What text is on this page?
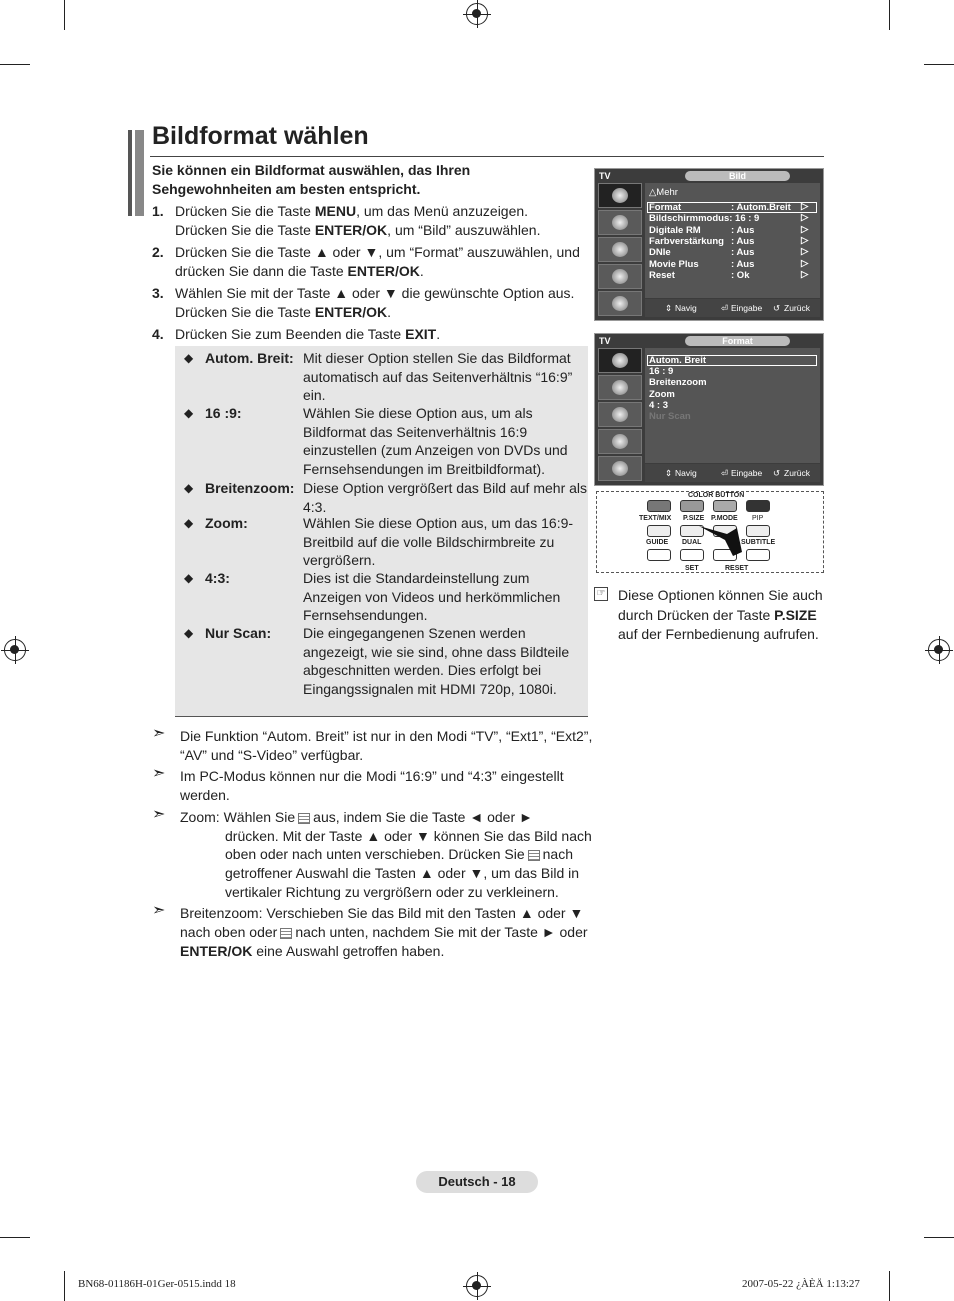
Bildformat wählen
Sie können ein Bildformat auswählen, das Ihren Sehgewohnheiten am besten entspricht.
1. Drücken Sie die Taste MENU, um das Menü anzuzeigen. Drücken Sie die Taste ENTER/OK, um “Bild” auszuwählen.
2. Drücken Sie die Taste ▲ oder ▼, um “Format” auszuwählen, und drücken Sie dann die Taste ENTER/OK.
3. Wählen Sie mit der Taste ▲ oder ▼ die gewünschte Option aus. Drücken Sie die Taste ENTER/OK.
4. Drücken Sie zum Beenden die Taste EXIT.
◆ Autom. Breit: Mit dieser Option stellen Sie das Bildformat automatisch auf das Seitenverhältnis “16:9” ein.
◆ 16 :9:	Wählen Sie diese Option aus, um als Bildformat das Seitenverhältnis 16:9 einzustellen (zum Anzeigen von DVDs und Fernsehsendungen im Breitbildformat).
◆ Breitenzoom: Diese Option vergrößert das Bild auf mehr als 4:3.
◆ Zoom:	Wählen Sie diese Option aus, um das 16:9-Breitbild auf die volle Bildschirmbreite zu vergrößern.
◆ 4:3:	Dies ist die Standardeinstellung zum Anzeigen von Videos und herkömmlichen Fernsehsendungen.
◆ Nur Scan: Die eingegangenen Szenen werden angezeigt, wie sie sind, ohne dass Bildteile abgeschnitten werden. Dies erfolgt bei Eingangssignalen mit HDMI 720p, 1080i.
➣ Die Funktion “Autom. Breit” ist nur in den Modi “TV”, “Ext1”, “Ext2”, “AV” und “S-Video” verfügbar.
➣ Im PC-Modus können nur die Modi “16:9” und “4:3” eingestellt werden.
➣ Zoom: Wählen Sie aus, indem Sie die Taste ◄ oder ►
drücken. Mit der Taste ▲ oder ▼ können Sie das Bild nach oben oder nach unten verschieben. Drücken Sie nach getroffener Auswahl die Tasten ▲ oder ▼, um das Bild in vertikaler Richtung zu vergrößern oder zu verkleinern.
➣ Breitenzoom: Verschieben Sie das Bild mit den Tasten ▲ oder ▼ nach oben oder nach unten, nachdem Sie mit der Taste ► oder ENTER/OK eine Auswahl getroffen haben.
TV	Bild
△Mehr
Format	: Autom.Breit ▷
Bildschirmmodus: 16 : 9	▷
Digitale RM	: Aus	▷
Farbverstärkung : Aus	▷
DNIe	: Aus	▷
Movie Plus	: Aus	▷
Reset	: Ok	▷
⇕ Navig	⏎ Eingabe ↺ Zurück
TV	Format
Autom. Breit
16 : 9
Breitenzoom
Zoom
4 : 3
Nur Scan
⇕ Navig	⏎ Eingabe ↺ Zurück
COLOR BUTTON
TEXT/MIX P.SIZE P.MODE PIP
GUIDE DUAL	SUBTITLE
SET	RESET
☞ Diese Optionen können Sie auch durch Drücken der Taste P.SIZE auf der Fernbedienung aufrufen.
Deutsch - 18
BN68-01186H-01Ger-0515.indd 18	2007-05-22 ¿ÀÈÄ 1:13:27
